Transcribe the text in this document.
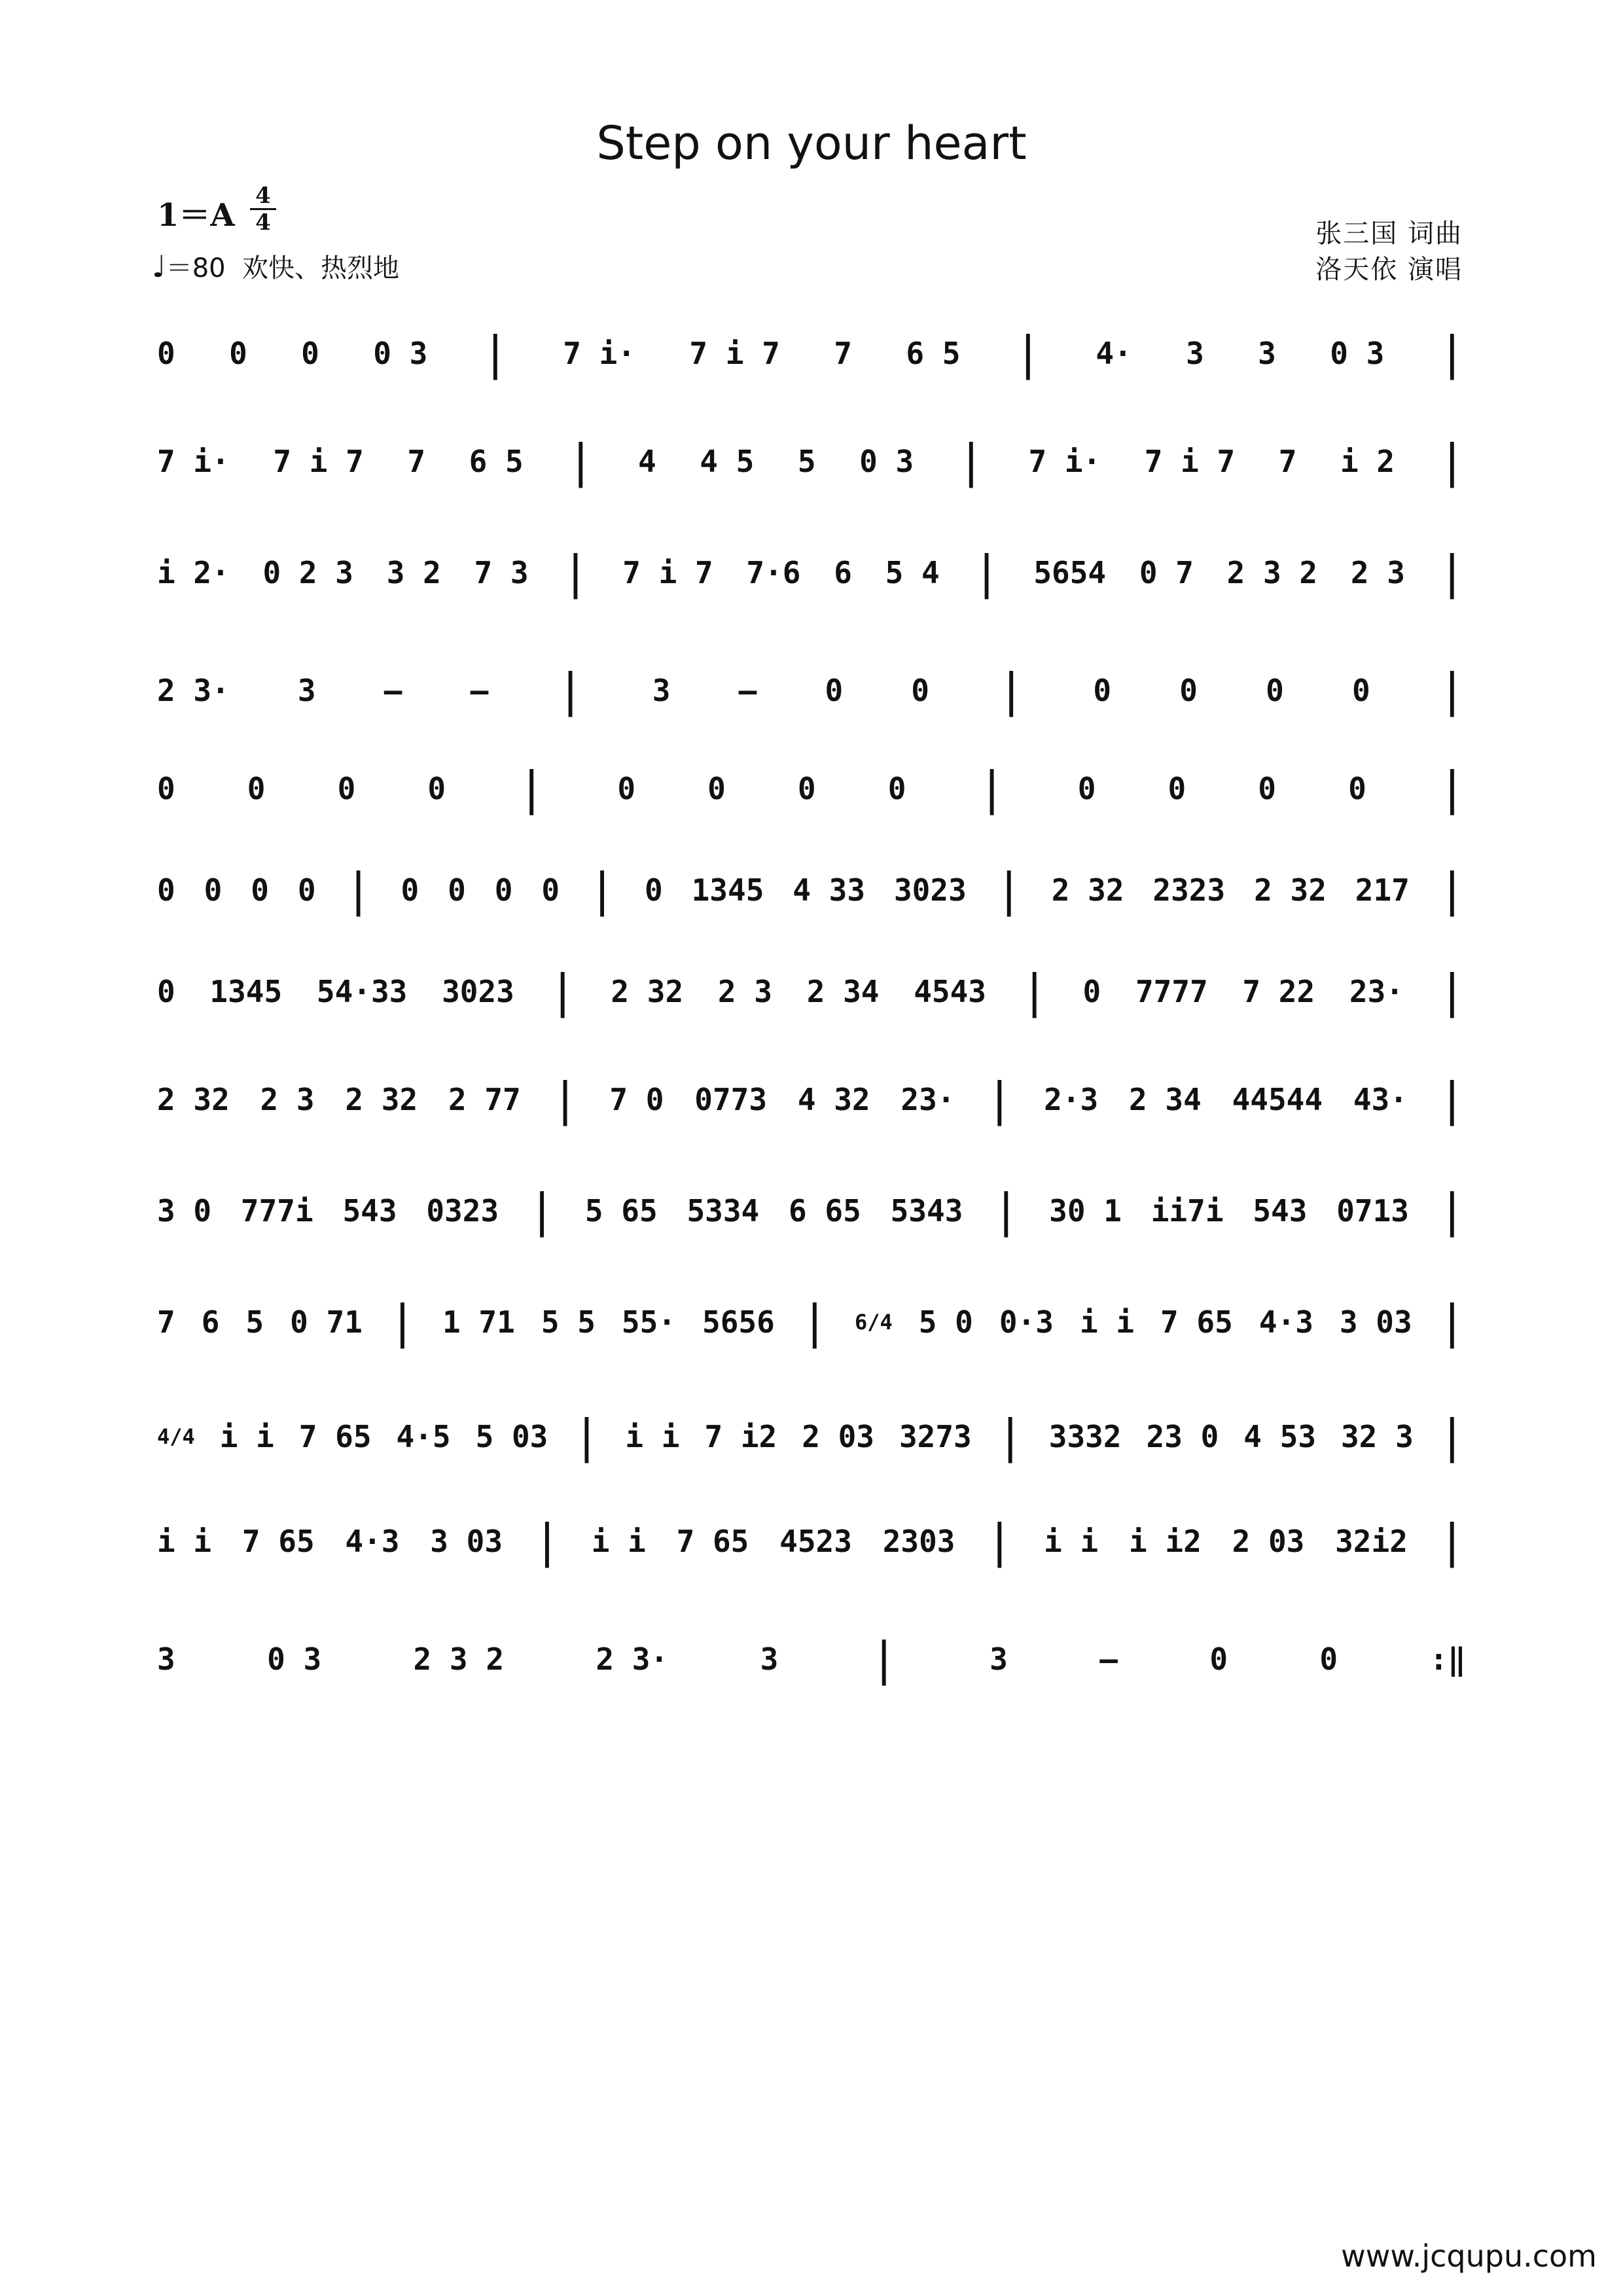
Step on your heart
1＝A
4
4
♩＝80 欢快、热烈地
张三国 词曲
洛天依 演唱
0 0 0 0 3 | 7 i· 7 i 7 7 6 5 | 4· 3 3 0 3 |
7 i· 7 i 7 7 6 5 | 4 4 5 5 0 3 | 7 i· 7 i 7 7 i 2 |
i 2· 0 2 3 3 2 7 3 | 7 i 7 7·6 6 5 4 | 5654 0 7 2 3 2 2 3 |
2 3· 3 – – | 3 – 0 0 | 0 0 0 0 |
0 0 0 0 | 0 0 0 0 | 0 0 0 0 |
0 0 0 0 | 0 0 0 0 | 0 1345 4 33 3023 | 2 32 2323 2 32 217 |
0 1345 54·33 3023 | 2 32 2 3 2 34 4543 | 0 7777 7 22 23· |
2 32 2 3 2 32 2 77 | 7 0 0773 4 32 23· | 2·3 2 34 44544 43· |
3 0 777i 543 0323 | 5 65 5334 6 65 5343 | 30 1 ii7i 543 0713 |
7 6 5 0 71 | 1 71 5 5 55· 5656 | 6/4 5 0 0·3 i i 7 65 4·3 3 03 |
4/4 i i 7 65 4·5 5 03 | i i 7 i2 2 03 3273 | 3332 23 0 4 53 32 3 |
i i 7 65 4·3 3 03 | i i 7 65 4523 2303 | i i i i2 2 03 32i2 |
3	0 3	2 3 2	2 3·	3 |	3	–	0	0	:‖
www.jcqupu.com
